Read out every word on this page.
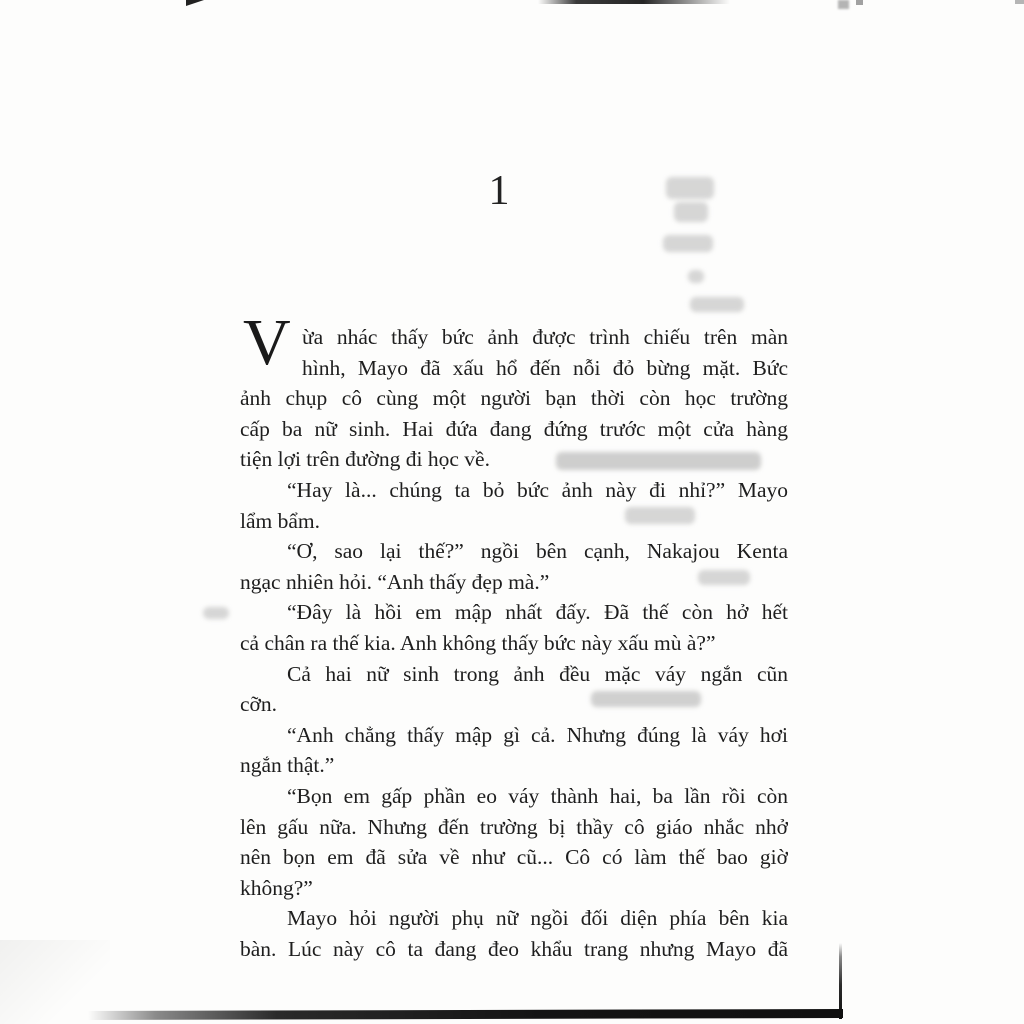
1
V ừa nhác thấy bức ảnh được trình chiếu trên màn
hình, Mayo đã xấu hổ đến nỗi đỏ bừng mặt. Bức
ảnh chụp cô cùng một người bạn thời còn học trường
cấp ba nữ sinh. Hai đứa đang đứng trước một cửa hàng
tiện lợi trên đường đi học về.
“Hay là... chúng ta bỏ bức ảnh này đi nhỉ?” Mayo
lẩm bẩm.
“Ơ, sao lại thế?” ngồi bên cạnh, Nakajou Kenta
ngạc nhiên hỏi. “Anh thấy đẹp mà.”
“Đây là hồi em mập nhất đấy. Đã thế còn hở hết
cả chân ra thế kia. Anh không thấy bức này xấu mù à?”
Cả hai nữ sinh trong ảnh đều mặc váy ngắn cũn
cỡn.
“Anh chẳng thấy mập gì cả. Nhưng đúng là váy hơi
ngắn thật.”
“Bọn em gấp phần eo váy thành hai, ba lần rồi còn
lên gấu nữa. Nhưng đến trường bị thầy cô giáo nhắc nhở
nên bọn em đã sửa về như cũ... Cô có làm thế bao giờ
không?”
Mayo hỏi người phụ nữ ngồi đối diện phía bên kia
bàn. Lúc này cô ta đang đeo khẩu trang nhưng Mayo đã
